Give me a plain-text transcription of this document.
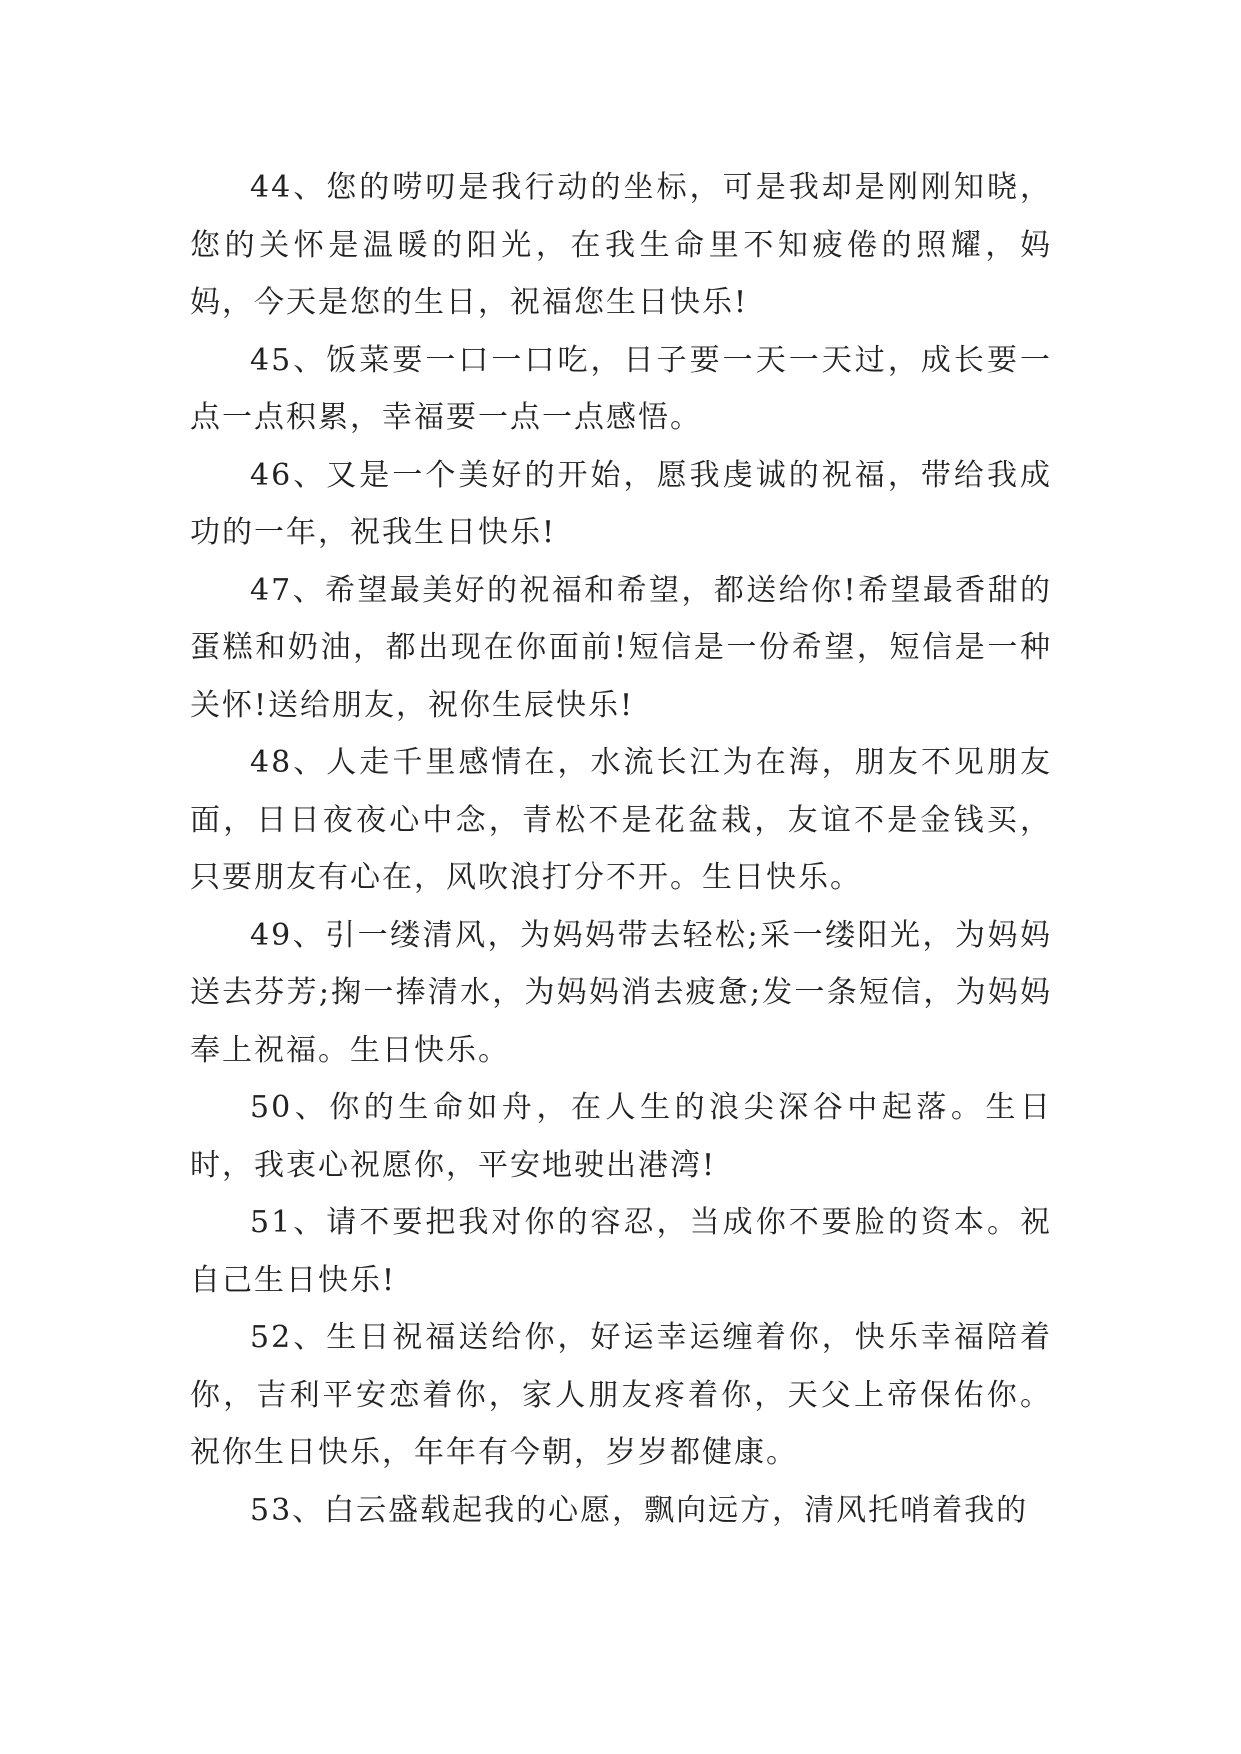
44、您的唠叨是我行动的坐标，可是我却是刚刚知晓，您的关怀是温暖的阳光，在我生命里不知疲倦的照耀，妈妈，今天是您的生日，祝福您生日快乐!

45、饭菜要一口一口吃，日子要一天一天过，成长要一点一点积累，幸福要一点一点感悟。

46、又是一个美好的开始，愿我虔诚的祝福，带给我成功的一年，祝我生日快乐!

47、希望最美好的祝福和希望，都送给你!希望最香甜的蛋糕和奶油，都出现在你面前!短信是一份希望，短信是一种关怀!送给朋友，祝你生辰快乐!

48、人走千里感情在，水流长江为在海，朋友不见朋友面，日日夜夜心中念，青松不是花盆栽，友谊不是金钱买，只要朋友有心在，风吹浪打分不开。生日快乐。

49、引一缕清风，为妈妈带去轻松;采一缕阳光，为妈妈送去芬芳;掬一捧清水，为妈妈消去疲惫;发一条短信，为妈妈奉上祝福。生日快乐。

50、你的生命如舟，在人生的浪尖深谷中起落。生日时，我衷心祝愿你，平安地驶出港湾!

51、请不要把我对你的容忍，当成你不要脸的资本。祝自己生日快乐!

52、生日祝福送给你，好运幸运缠着你，快乐幸福陪着你，吉利平安恋着你，家人朋友疼着你，天父上帝保佑你。祝你生日快乐，年年有今朝，岁岁都健康。

53、白云盛载起我的心愿，飘向远方，清风托哨着我的
